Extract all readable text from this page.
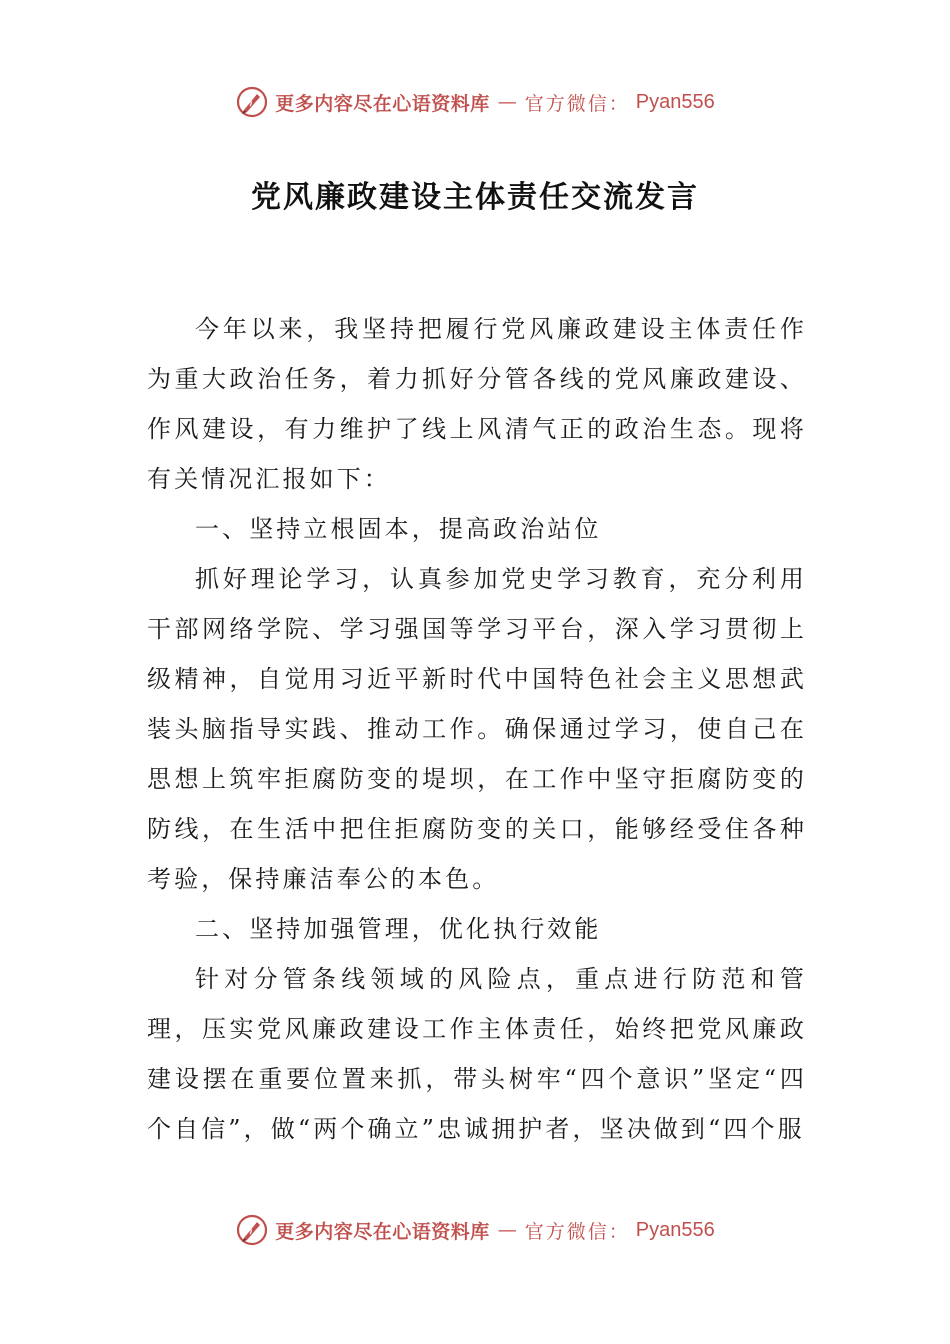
更多内容尽在心语资料库 — 官方微信： Pyan556
党风廉政建设主体责任交流发言

今年以来，我坚持把履行党风廉政建设主体责任作为重大政治任务，着力抓好分管各线的党风廉政建设、作风建设，有力维护了线上风清气正的政治生态。现将有关情况汇报如下：

一、坚持立根固本，提高政治站位

抓好理论学习，认真参加党史学习教育，充分利用干部网络学院、学习强国等学习平台，深入学习贯彻上级精神，自觉用习近平新时代中国特色社会主义思想武装头脑指导实践、推动工作。确保通过学习，使自己在思想上筑牢拒腐防变的堤坝，在工作中坚守拒腐防变的防线，在生活中把住拒腐防变的关口，能够经受住各种考验，保持廉洁奉公的本色。

二、坚持加强管理，优化执行效能

针对分管条线领域的风险点，重点进行防范和管理，压实党风廉政建设工作主体责任，始终把党风廉政建设摆在重要位置来抓，带头树牢“四个意识”坚定“四个自信”，做“两个确立”忠诚拥护者，坚决做到“四个服

更多内容尽在心语资料库 — 官方微信： Pyan556
